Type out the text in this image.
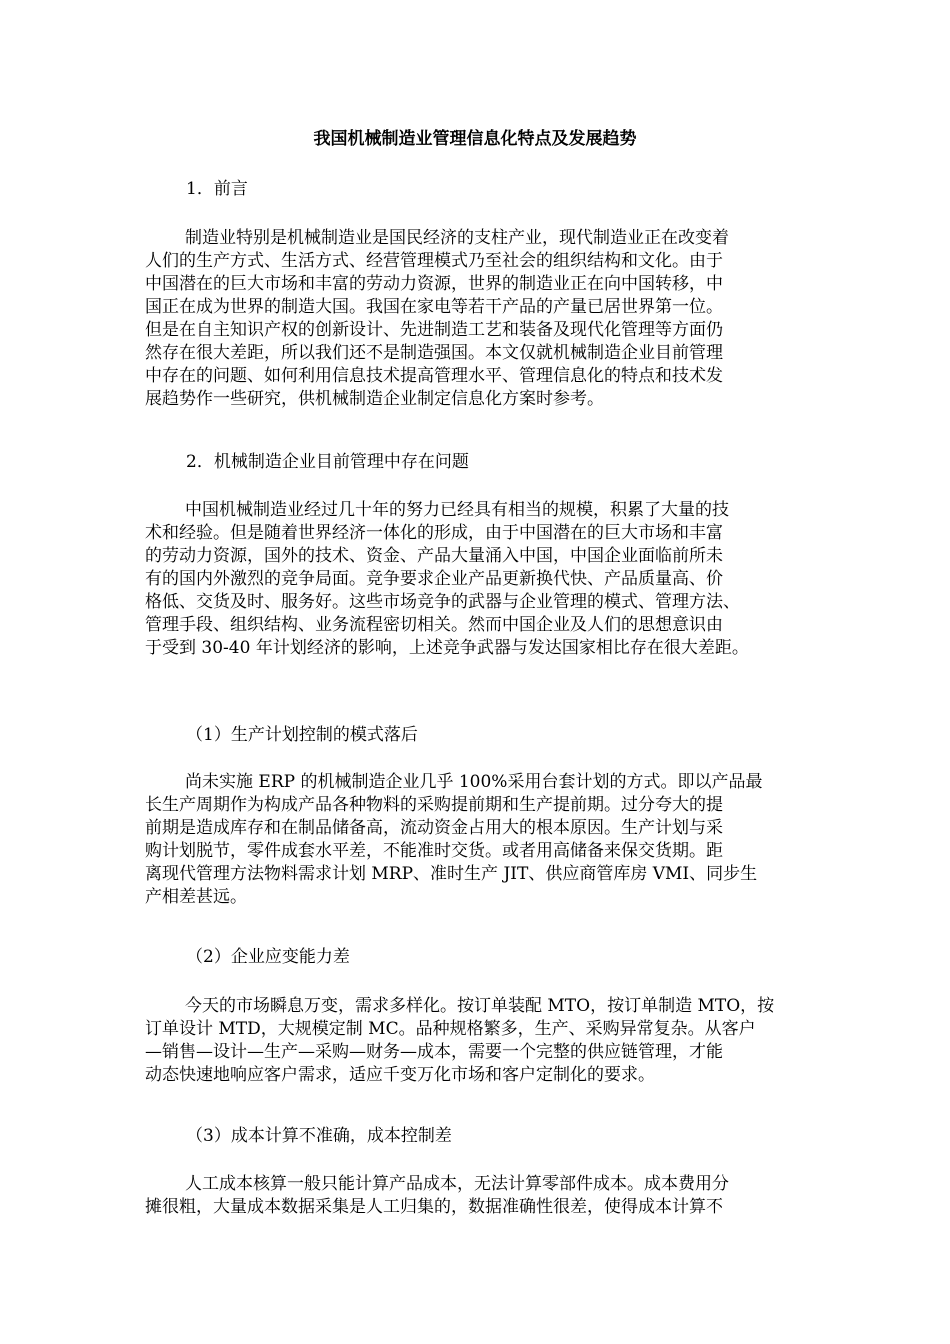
我国机械制造业管理信息化特点及发展趋势
1．前言
制造业特别是机械制造业是国民经济的支柱产业，现代制造业正在改变着
人们的生产方式、生活方式、经营管理模式乃至社会的组织结构和文化。由于
中国潜在的巨大市场和丰富的劳动力资源，世界的制造业正在向中国转移，中
国正在成为世界的制造大国。我国在家电等若干产品的产量已居世界第一位。
但是在自主知识产权的创新设计、先进制造工艺和装备及现代化管理等方面仍
然存在很大差距，所以我们还不是制造强国。本文仅就机械制造企业目前管理
中存在的问题、如何利用信息技术提高管理水平、管理信息化的特点和技术发
展趋势作一些研究，供机械制造企业制定信息化方案时参考。
2．机械制造企业目前管理中存在问题
中国机械制造业经过几十年的努力已经具有相当的规模，积累了大量的技
术和经验。但是随着世界经济一体化的形成，由于中国潜在的巨大市场和丰富
的劳动力资源，国外的技术、资金、产品大量涌入中国，中国企业面临前所未
有的国内外激烈的竞争局面。竞争要求企业产品更新换代快、产品质量高、价
格低、交货及时、服务好。这些市场竞争的武器与企业管理的模式、管理方法、
管理手段、组织结构、业务流程密切相关。然而中国企业及人们的思想意识由
于受到 30-40 年计划经济的影响，上述竞争武器与发达国家相比存在很大差距。
（1）生产计划控制的模式落后
尚未实施 ERP 的机械制造企业几乎 100%采用台套计划的方式。即以产品最
长生产周期作为构成产品各种物料的采购提前期和生产提前期。过分夸大的提
前期是造成库存和在制品储备高，流动资金占用大的根本原因。生产计划与采
购计划脱节，零件成套水平差，不能准时交货。或者用高储备来保交货期。距
离现代管理方法物料需求计划 MRP、准时生产 JIT、供应商管库房 VMI、同步生
产相差甚远。
（2）企业应变能力差
今天的市场瞬息万变，需求多样化。按订单装配 MTO，按订单制造 MTO，按
订单设计 MTD，大规模定制 MC。品种规格繁多，生产、采购异常复杂。从客户
—销售—设计—生产—采购—财务—成本，需要一个完整的供应链管理，才能
动态快速地响应客户需求，适应千变万化市场和客户定制化的要求。
（3）成本计算不准确，成本控制差
人工成本核算一般只能计算产品成本，无法计算零部件成本。成本费用分
摊很粗，大量成本数据采集是人工归集的，数据准确性很差，使得成本计算不
